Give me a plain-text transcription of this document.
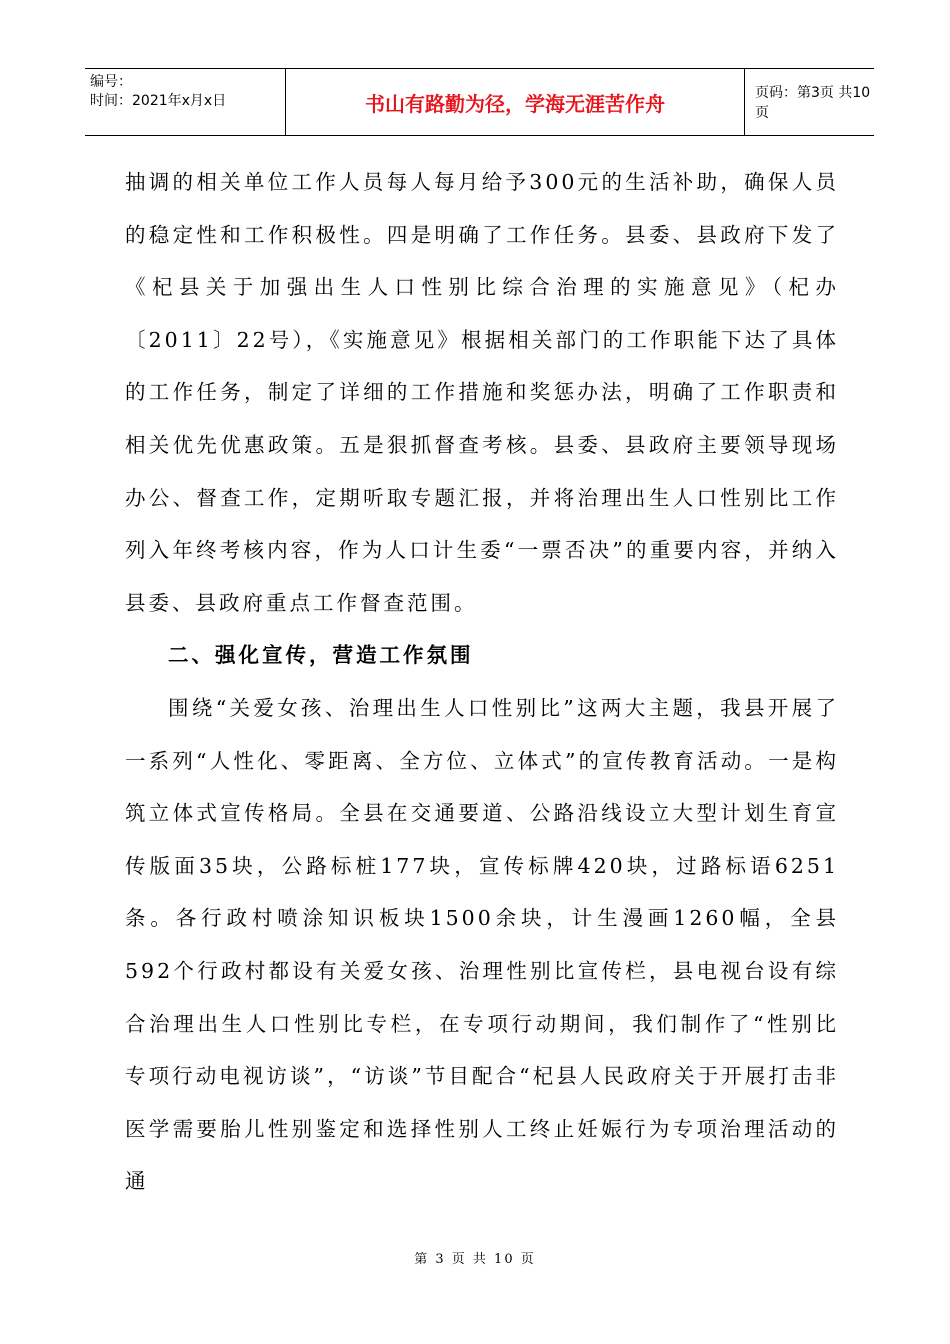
编号：
时间：2021年x月x日	书山有路勤为径，学海无涯苦作舟	页码：第3页 共10页

抽调的相关单位工作人员每人每月给予300元的生活补助，确保人员的稳定性和工作积极性。四是明确了工作任务。县委、县政府下发了《杞县关于加强出生人口性别比综合治理的实施意见》（杞办〔2011〕22号），《实施意见》根据相关部门的工作职能下达了具体的工作任务，制定了详细的工作措施和奖惩办法，明确了工作职责和相关优先优惠政策。五是狠抓督查考核。县委、县政府主要领导现场办公、督查工作，定期听取专题汇报，并将治理出生人口性别比工作列入年终考核内容，作为人口计生委“一票否决”的重要内容，并纳入县委、县政府重点工作督查范围。

二、强化宣传，营造工作氛围

围绕“关爱女孩、治理出生人口性别比”这两大主题，我县开展了一系列“人性化、零距离、全方位、立体式”的宣传教育活动。一是构筑立体式宣传格局。全县在交通要道、公路沿线设立大型计划生育宣传版面35块，公路标桩177块，宣传标牌420块，过路标语6251条。各行政村喷涂知识板块1500余块，计生漫画1260幅，全县592个行政村都设有关爱女孩、治理性别比宣传栏，县电视台设有综合治理出生人口性别比专栏，在专项行动期间，我们制作了“性别比专项行动电视访谈”，“访谈”节目配合“杞县人民政府关于开展打击非医学需要胎儿性别鉴定和选择性别人工终止妊娠行为专项治理活动的通

第 3 页 共 10 页
